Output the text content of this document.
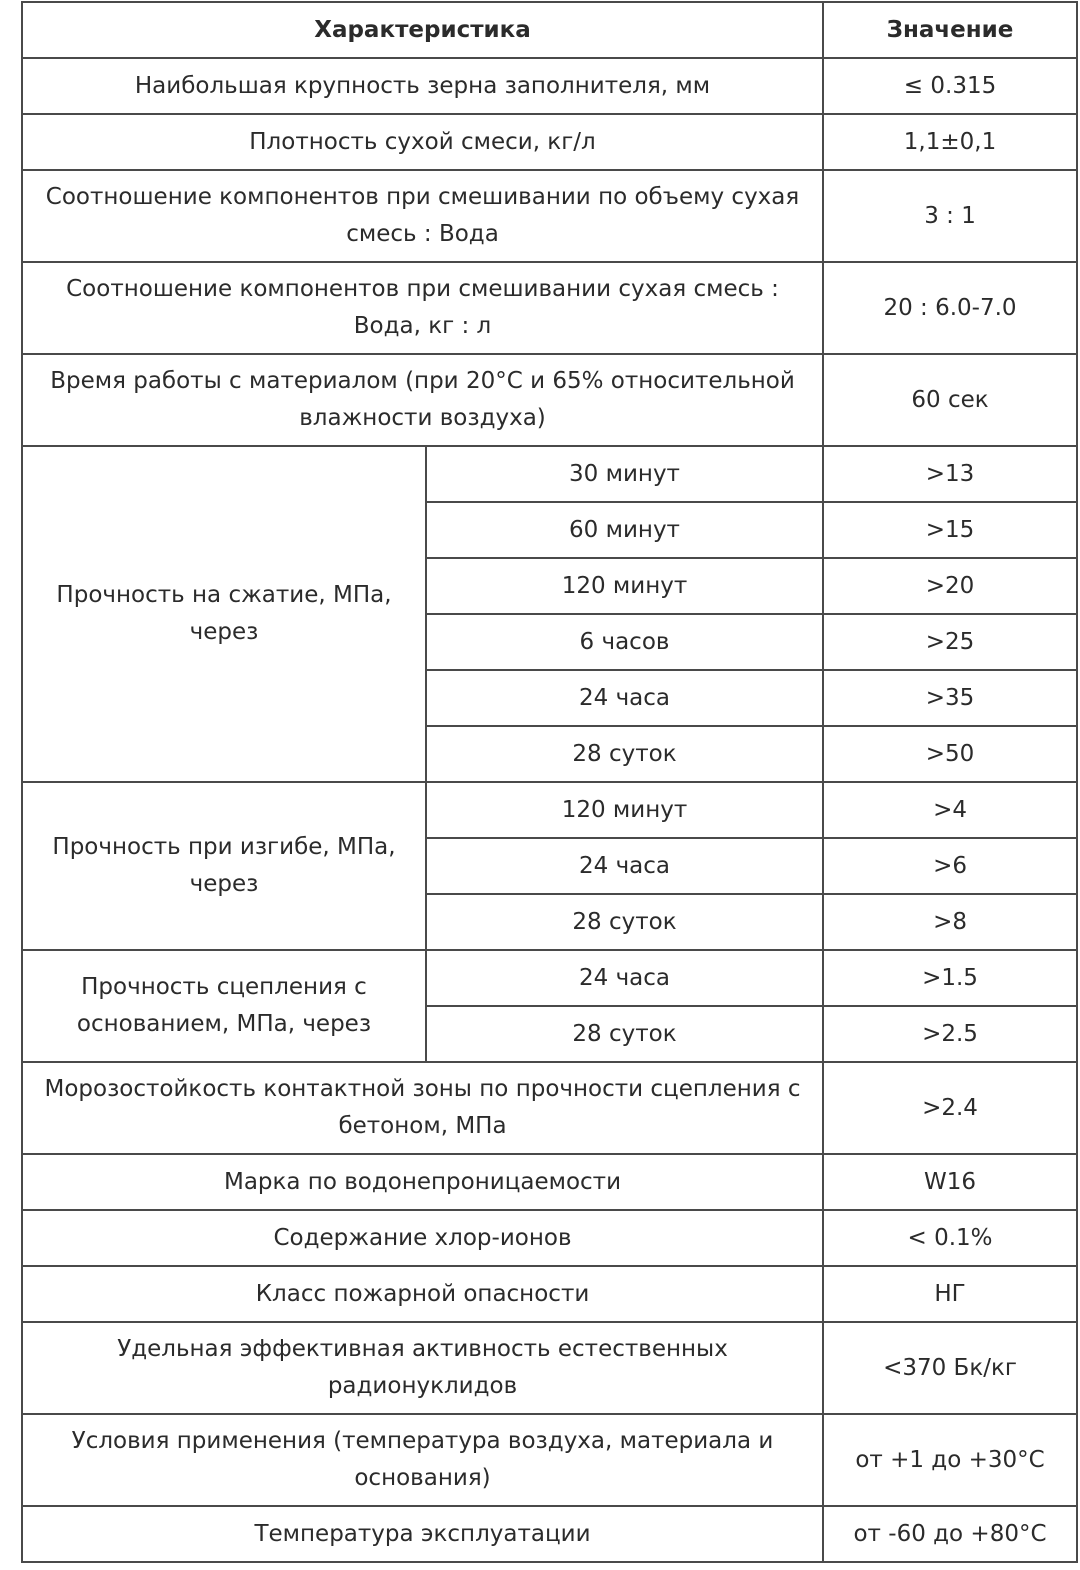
Характеристика		Значение
Наибольшая крупность зерна заполнителя, мм		≤ 0.315
Плотность сухой смеси, кг/л		1,1±0,1
Соотношение компонентов при смешивании по объему сухая смесь : Вода		3 : 1
Соотношение компонентов при смешивании сухая смесь : Вода, кг : л		20 : 6.0-7.0
Время работы с материалом (при 20°С и 65% относительной влажности воздуха)		60 сек
Прочность на сжатие, МПа, через	30 минут	>13
	60 минут	>15
	120 минут	>20
	6 часов	>25
	24 часа	>35
	28 суток	>50
Прочность при изгибе, МПа, через	120 минут	>4
	24 часа	>6
	28 суток	>8
Прочность сцепления с основанием, МПа, через	24 часа	>1.5
	28 суток	>2.5
Морозостойкость контактной зоны по прочности сцепления с бетоном, МПа		>2.4
Марка по водонепроницаемости		W16
Содержание хлор-ионов		< 0.1%
Класс пожарной опасности		НГ
Удельная эффективная активность естественных радионуклидов		<370 Бк/кг
Условия применения (температура воздуха, материала и основания)		от +1 до +30°С
Температура эксплуатации		от -60 до +80°С
